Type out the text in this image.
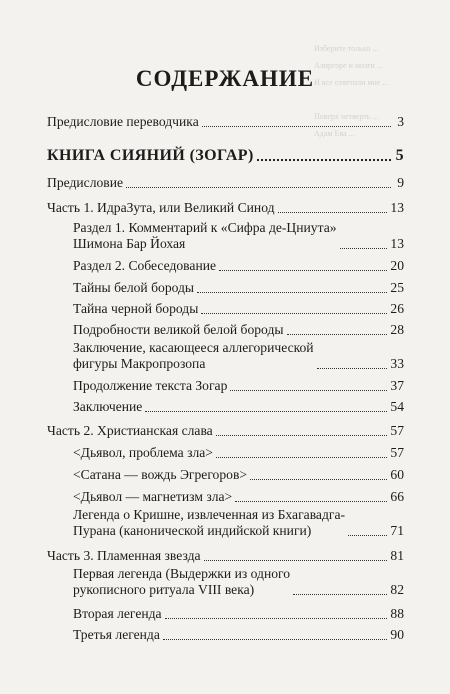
Изберите только ...
Алиргоре и мозги ...
И все ответили мне ...

Поверх четверть ...
Адам Ева ...
СОДЕРЖАНИЕ
Предисловие переводчика	3
КНИГА СИЯНИЙ (ЗОГАР)	5
Предисловие	9
Часть 1. ИдраЗута, или Великий Синод	13
Раздел 1. Комментарий к «Сифра де-Цниута»
Шимона Бар Йохая	13
Раздел 2. Собеседование	20
Тайны белой бороды	25
Тайна черной бороды	26
Подробности великой белой бороды	28
Заключение, касающееся аллегорической
фигуры Макропрозопа	33
Продолжение текста Зогар	37
Заключение	54
Часть 2. Христианская слава	57
<Дьявол, проблема зла>	57
<Сатана — вождь Эгрегоров>	60
<Дьявол — магнетизм зла>	66
Легенда о Кришне, извлеченная из Бхагавадга-
Пурана (канонической индийской книги)	71
Часть 3. Пламенная звезда	81
Первая легенда (Выдержки из одного
рукописного ритуала VIII века)	82
Вторая легенда	88
Третья легенда	90
